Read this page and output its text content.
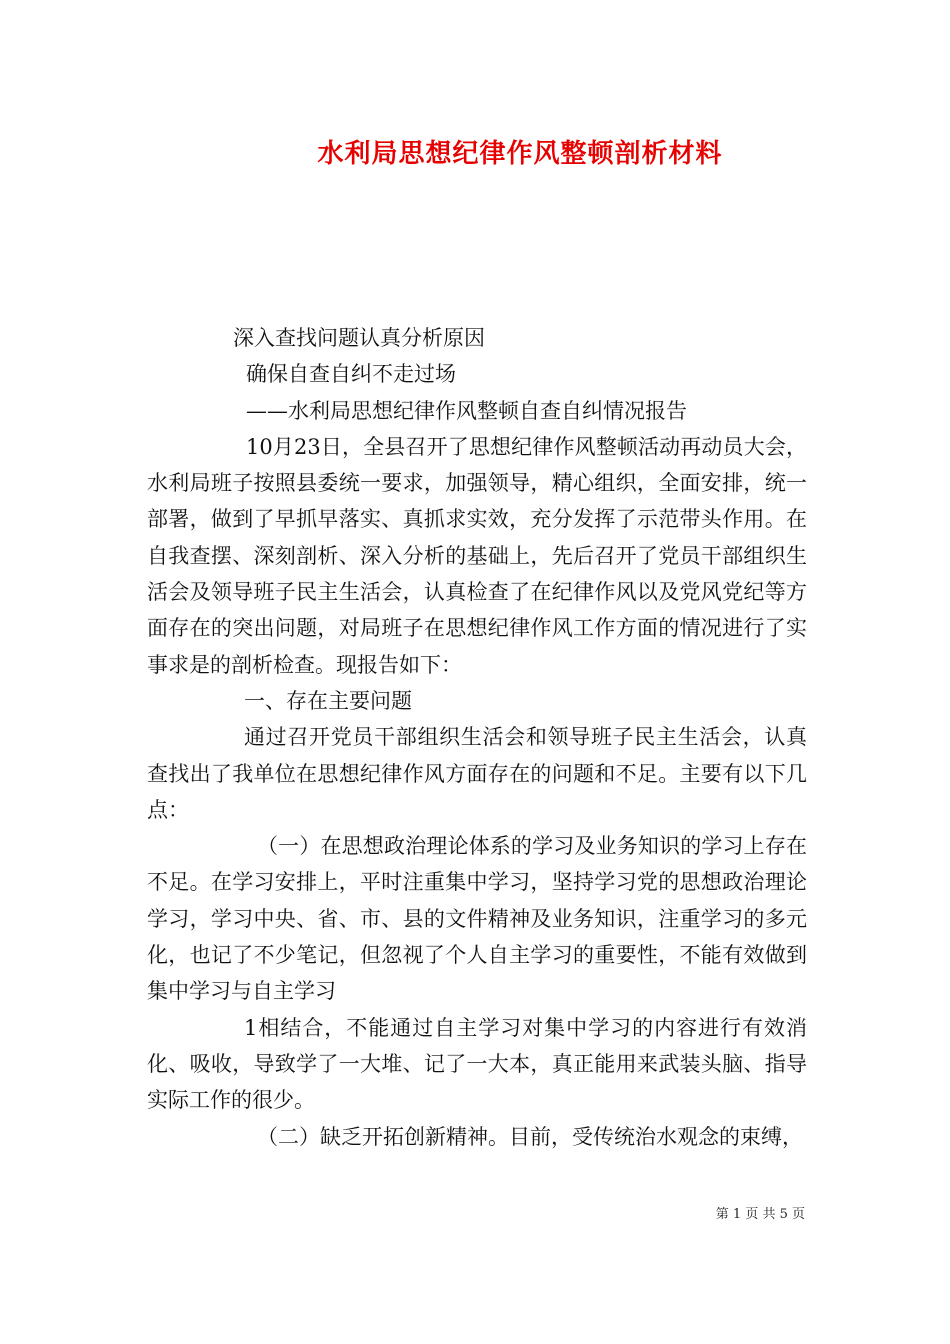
水利局思想纪律作风整顿剖析材料
深入查找问题认真分析原因
确保自查自纠不走过场
——水利局思想纪律作风整顿自查自纠情况报告

10月23日，全县召开了思想纪律作风整顿活动再动员大会，水利局班子按照县委统一要求，加强领导，精心组织，全面安排，统一部署，做到了早抓早落实、真抓求实效，充分发挥了示范带头作用。在自我查摆、深刻剖析、深入分析的基础上，先后召开了党员干部组织生活会及领导班子民主生活会，认真检查了在纪律作风以及党风党纪等方面存在的突出问题，对局班子在思想纪律作风工作方面的情况进行了实事求是的剖析检查。现报告如下：

一、存在主要问题

通过召开党员干部组织生活会和领导班子民主生活会，认真查找出了我单位在思想纪律作风方面存在的问题和不足。主要有以下几点：

（一）在思想政治理论体系的学习及业务知识的学习上存在不足。在学习安排上，平时注重集中学习，坚持学习党的思想政治理论学习，学习中央、省、市、县的文件精神及业务知识，注重学习的多元化，也记了不少笔记，但忽视了个人自主学习的重要性，不能有效做到集中学习与自主学习

1相结合，不能通过自主学习对集中学习的内容进行有效消化、吸收，导致学了一大堆、记了一大本，真正能用来武装头脑、指导实际工作的很少。

（二）缺乏开拓创新精神。目前，受传统治水观念的束缚，

第 1 页 共 5 页
